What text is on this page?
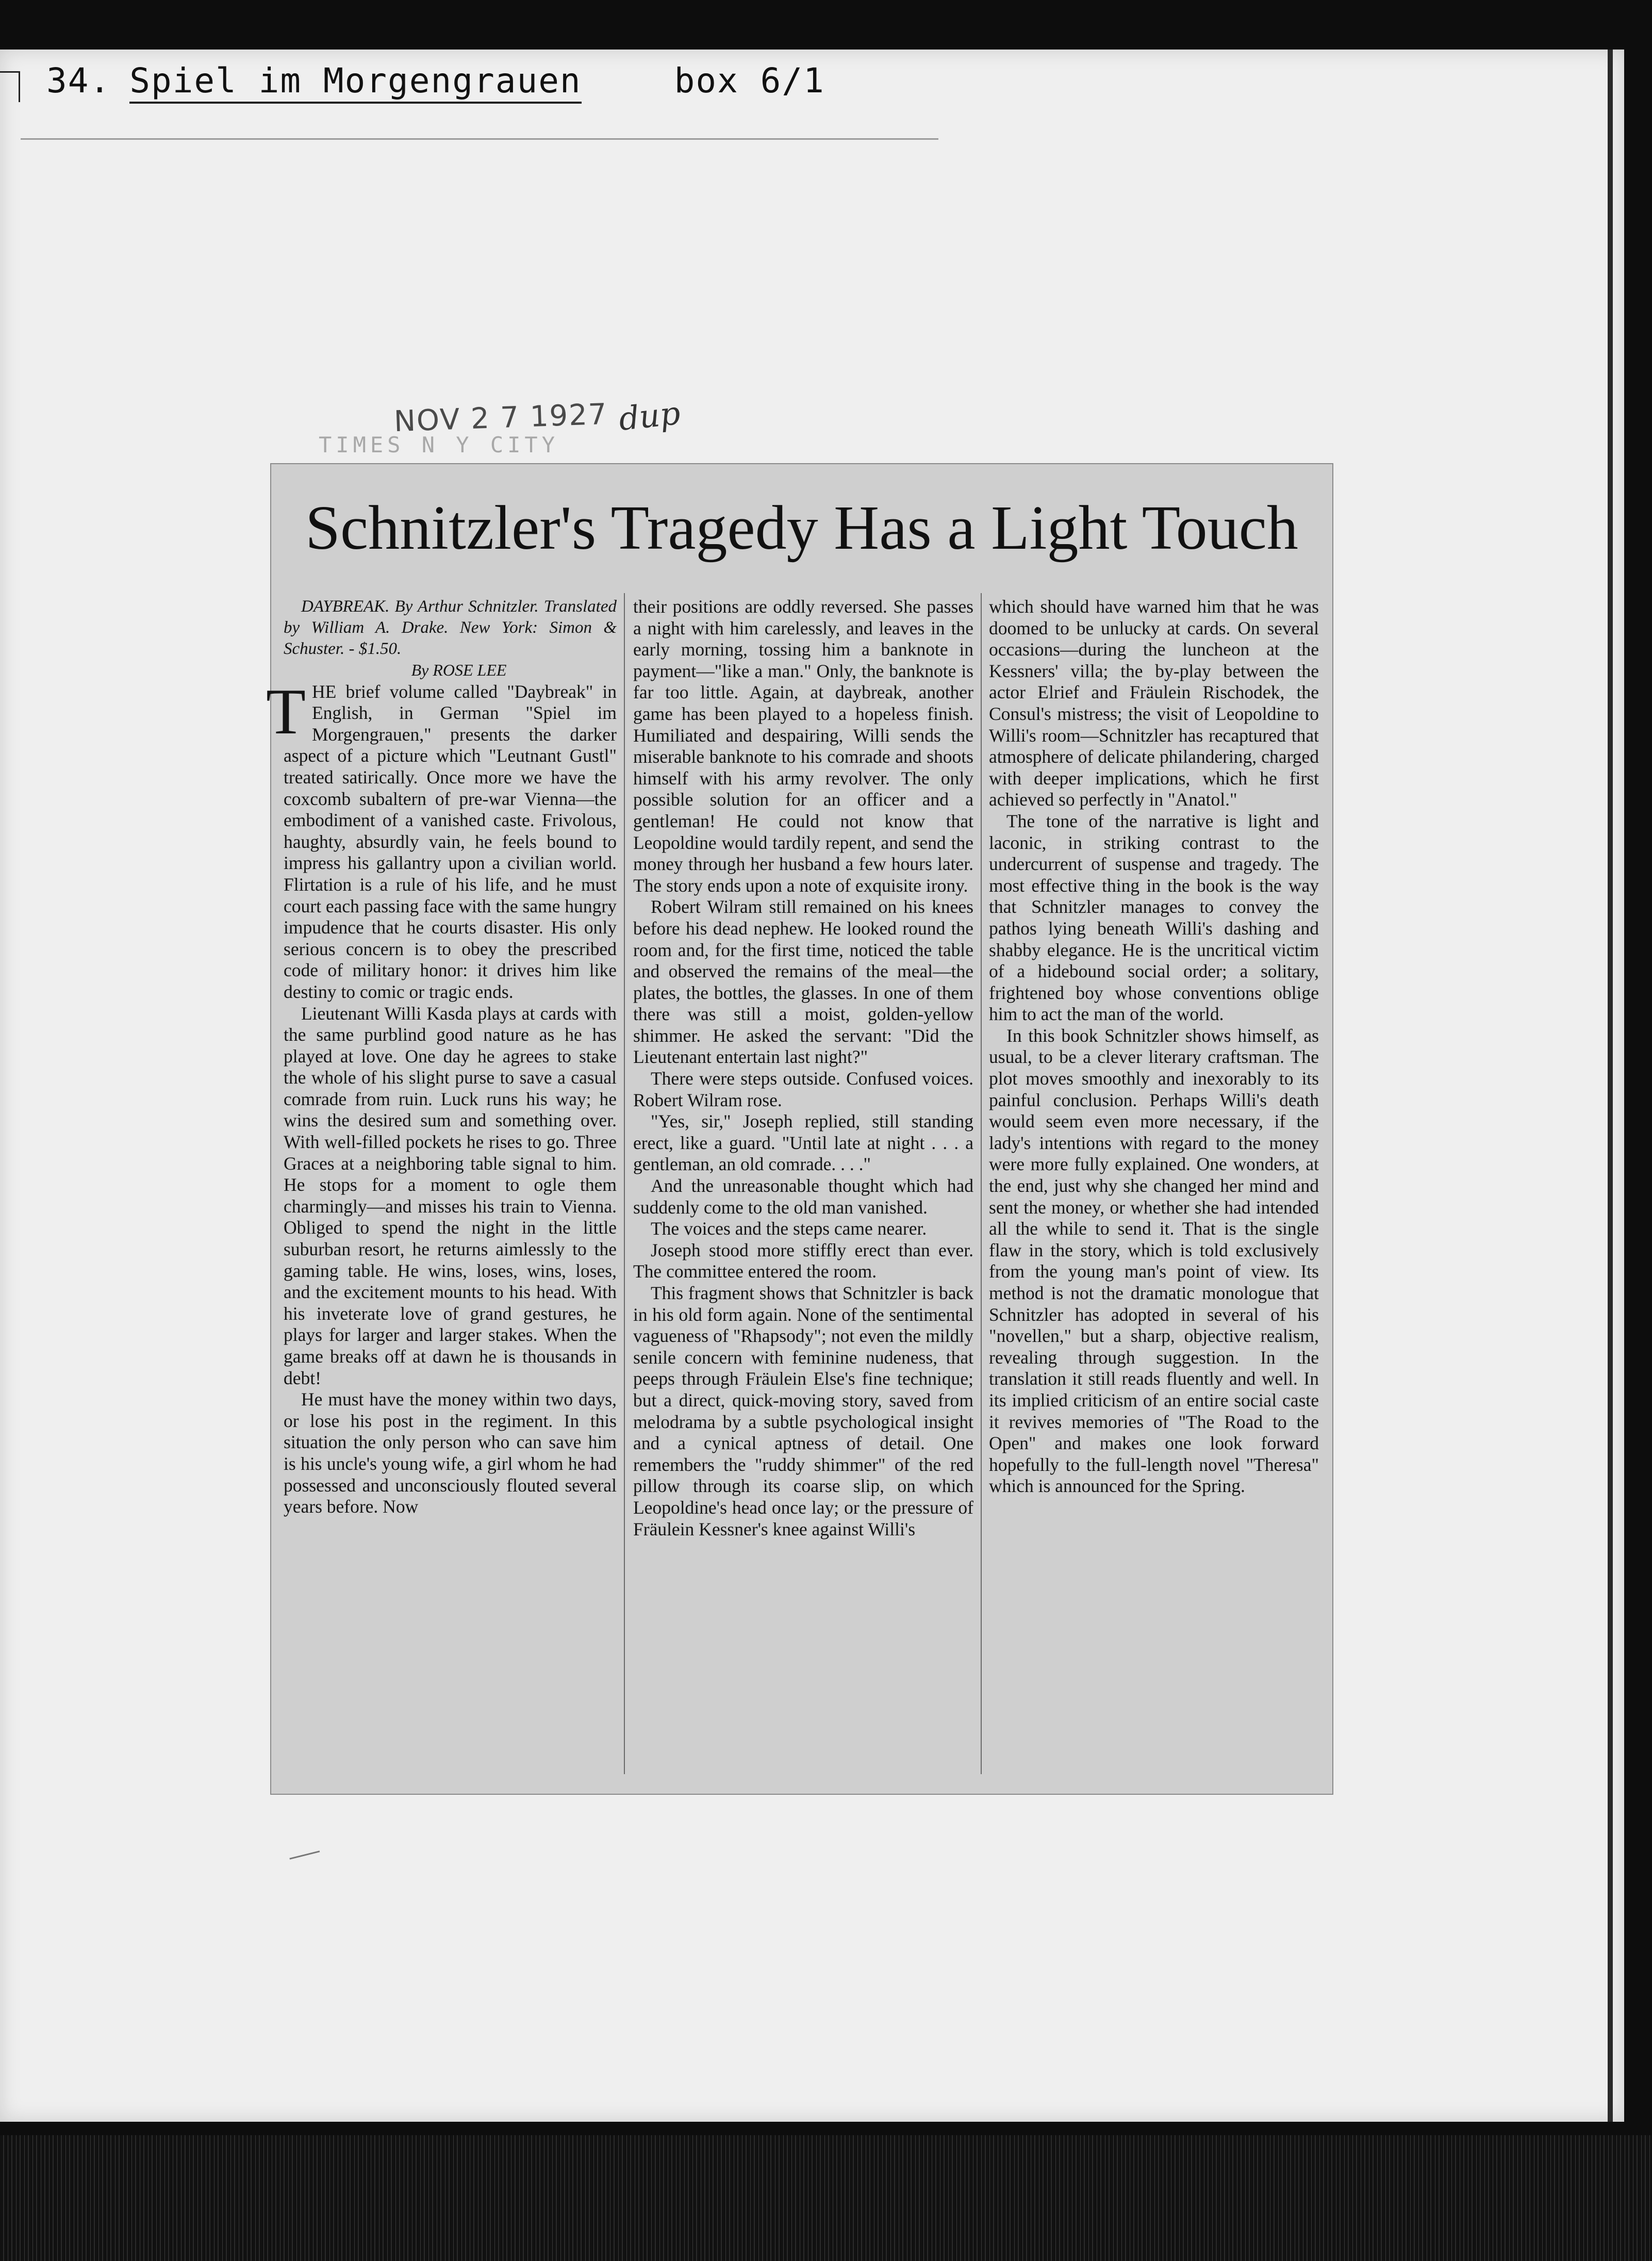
34. Spiel im Morgengrauen	box 6/1
TIMES N Y CITY
NOV 2 7 1927 dup
Schnitzler's Tragedy Has a Light Touch

DAYBREAK. By Arthur Schnitzler. Translated by William A. Drake. New York: Simon & Schuster. - $1.50.

By ROSE LEE

THE brief volume called "Daybreak" in English, in German "Spiel im Morgengrauen," presents the darker aspect of a picture which "Leutnant Gustl" treated satirically. Once more we have the coxcomb subaltern of pre-war Vienna—the embodiment of a vanished caste. Frivolous, haughty, absurdly vain, he feels bound to impress his gallantry upon a civilian world. Flirtation is a rule of his life, and he must court each passing face with the same hungry impudence that he courts disaster. His only serious concern is to obey the prescribed code of military honor: it drives him like destiny to comic or tragic ends.

Lieutenant Willi Kasda plays at cards with the same purblind good nature as he has played at love. One day he agrees to stake the whole of his slight purse to save a casual comrade from ruin. Luck runs his way; he wins the desired sum and something over. With well-filled pockets he rises to go. Three Graces at a neighboring table signal to him. He stops for a moment to ogle them charmingly—and misses his train to Vienna. Obliged to spend the night in the little suburban resort, he returns aimlessly to the gaming table. He wins, loses, wins, loses, and the excitement mounts to his head. With his inveterate love of grand gestures, he plays for larger and larger stakes. When the game breaks off at dawn he is thousands in debt!

He must have the money within two days, or lose his post in the regiment. In this situation the only person who can save him is his uncle's young wife, a girl whom he had possessed and unconsciously flouted several years before. Now

their positions are oddly reversed. She passes a night with him carelessly, and leaves in the early morning, tossing him a banknote in payment—"like a man." Only, the banknote is far too little. Again, at daybreak, another game has been played to a hopeless finish. Humiliated and despairing, Willi sends the miserable banknote to his comrade and shoots himself with his army revolver. The only possible solution for an officer and a gentleman! He could not know that Leopoldine would tardily repent, and send the money through her husband a few hours later. The story ends upon a note of exquisite irony.

Robert Wilram still remained on his knees before his dead nephew. He looked round the room and, for the first time, noticed the table and observed the remains of the meal—the plates, the bottles, the glasses. In one of them there was still a moist, golden-yellow shimmer. He asked the servant: "Did the Lieutenant entertain last night?"

There were steps outside. Confused voices. Robert Wilram rose.

"Yes, sir," Joseph replied, still standing erect, like a guard. "Until late at night . . . a gentleman, an old comrade. . . ."

And the unreasonable thought which had suddenly come to the old man vanished.

The voices and the steps came nearer.

Joseph stood more stiffly erect than ever. The committee entered the room.

This fragment shows that Schnitzler is back in his old form again. None of the sentimental vagueness of "Rhapsody"; not even the mildly senile concern with feminine nudeness, that peeps through Fräulein Else's fine technique; but a direct, quick-moving story, saved from melodrama by a subtle psychological insight and a cynical aptness of detail. One remembers the "ruddy shimmer" of the red pillow through its coarse slip, on which Leopoldine's head once lay; or the pressure of Fräulein Kessner's knee against Willi's

which should have warned him that he was doomed to be unlucky at cards. On several occasions—during the luncheon at the Kessners' villa; the by-play between the actor Elrief and Fräulein Rischodek, the Consul's mistress; the visit of Leopoldine to Willi's room—Schnitzler has recaptured that atmosphere of delicate philandering, charged with deeper implications, which he first achieved so perfectly in "Anatol."

The tone of the narrative is light and laconic, in striking contrast to the undercurrent of suspense and tragedy. The most effective thing in the book is the way that Schnitzler manages to convey the pathos lying beneath Willi's dashing and shabby elegance. He is the uncritical victim of a hidebound social order; a solitary, frightened boy whose conventions oblige him to act the man of the world.

In this book Schnitzler shows himself, as usual, to be a clever literary craftsman. The plot moves smoothly and inexorably to its painful conclusion. Perhaps Willi's death would seem even more necessary, if the lady's intentions with regard to the money were more fully explained. One wonders, at the end, just why she changed her mind and sent the money, or whether she had intended all the while to send it. That is the single flaw in the story, which is told exclusively from the young man's point of view. Its method is not the dramatic monologue that Schnitzler has adopted in several of his "novellen," but a sharp, objective realism, revealing through suggestion. In the translation it still reads fluently and well. In its implied criticism of an entire social caste it revives memories of "The Road to the Open" and makes one look forward hopefully to the full-length novel "Theresa" which is announced for the Spring.
